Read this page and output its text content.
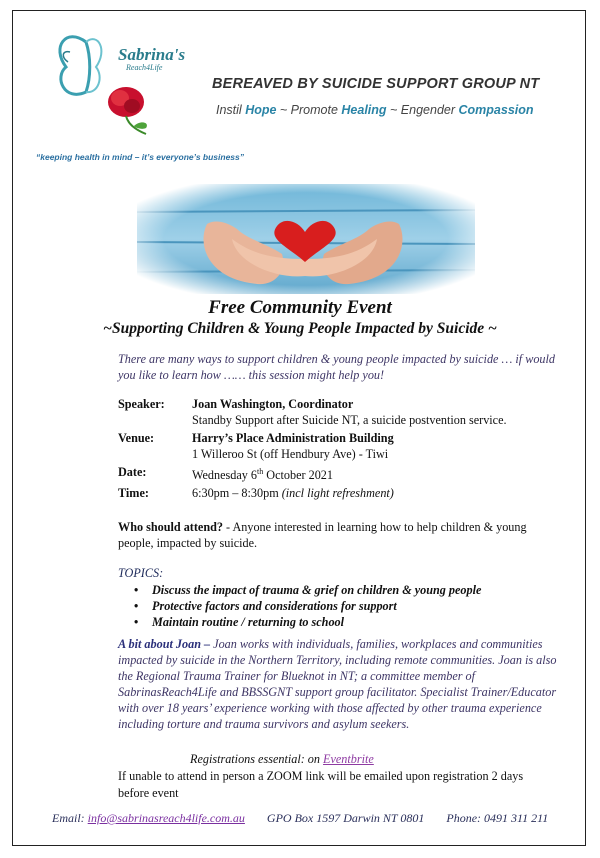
Sabrina's
Reach4Life
BEREAVED BY SUICIDE SUPPORT GROUP NT
Instil Hope ~ Promote Healing ~ Engender Compassion
“keeping health in mind – it’s everyone’s business”
Free Community Event
~Supporting Children & Young People Impacted by Suicide ~
There are many ways to support children & young people impacted by suicide … if would you like to learn how …… this session might help you!
Speaker:	Joan Washington, Coordinator
Standby Support after Suicide NT, a suicide postvention service.
Venue:	Harry’s Place Administration Building
1 Willeroo St (off Hendbury Ave) - Tiwi
Date:	Wednesday 6th October 2021
Time:	6:30pm – 8:30pm (incl light refreshment)
Who should attend? - Anyone interested in learning how to help children & young people, impacted by suicide.
TOPICS:
• Discuss the impact of trauma & grief on children & young people
• Protective factors and considerations for support
• Maintain routine / returning to school
A bit about Joan – Joan works with individuals, families, workplaces and communities impacted by suicide in the Northern Territory, including remote communities. Joan is also the Regional Trauma Trainer for Blueknot in NT; a committee member of SabrinasReach4Life and BBSSGNT support group facilitator. Specialist Trainer/Educator with over 18 years’ experience working with those affected by other trauma experience including torture and trauma survivors and asylum seekers.
Registrations essential: on Eventbrite
If unable to attend in person a ZOOM link will be emailed upon registration 2 days before event
Email: info@sabrinasreach4life.com.au GPO Box 1597 Darwin NT 0801 Phone: 0491 311 211
